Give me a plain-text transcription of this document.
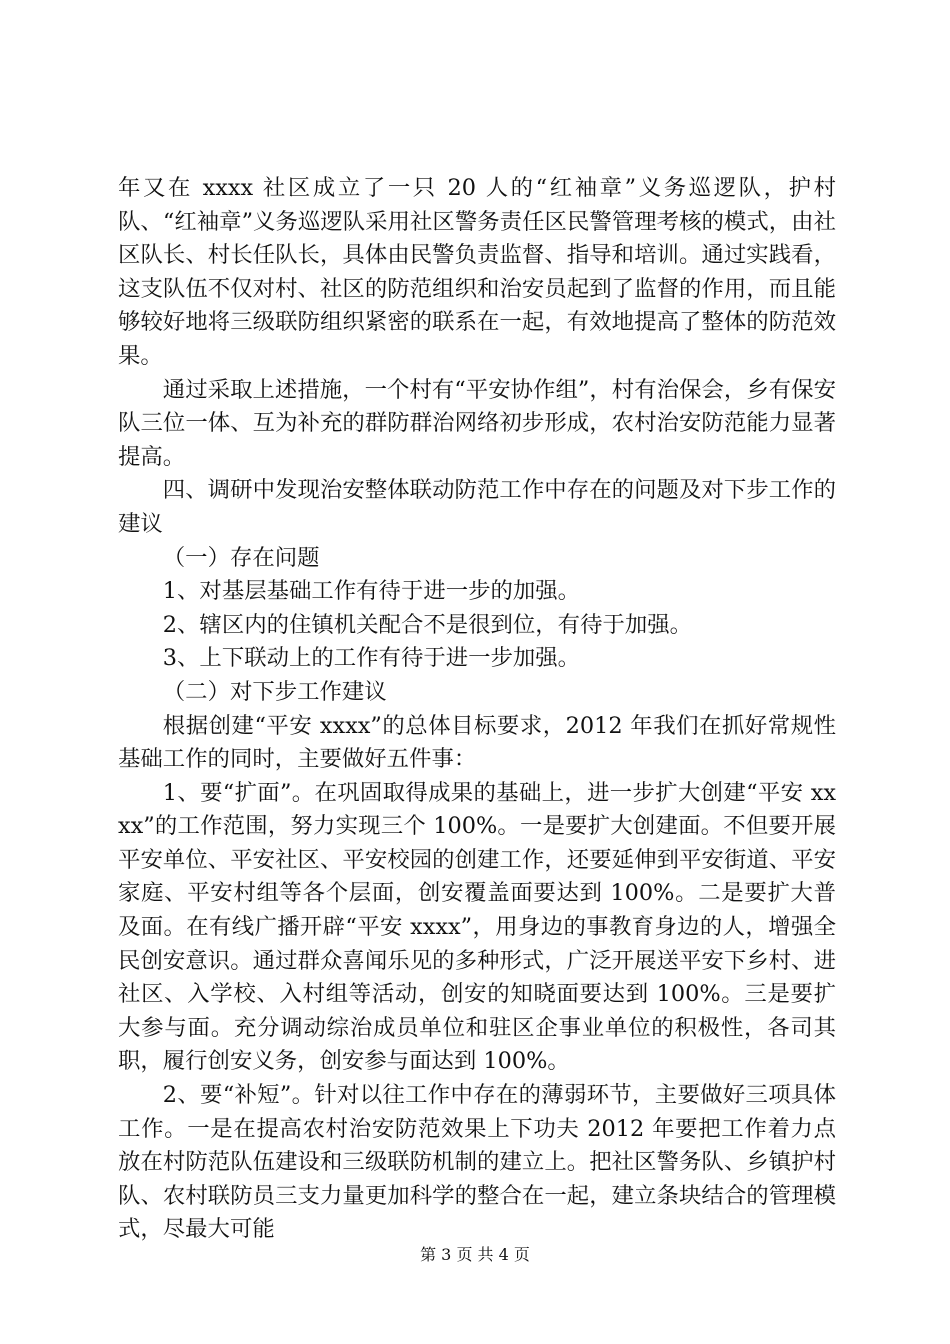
年又在 xxxx 社区成立了一只 20 人的“红袖章”义务巡逻队，护村队、“红袖章”义务巡逻队采用社区警务责任区民警管理考核的模式，由社区队长、村长任队长，具体由民警负责监督、指导和培训。通过实践看，这支队伍不仅对村、社区的防范组织和治安员起到了监督的作用，而且能够较好地将三级联防组织紧密的联系在一起，有效地提高了整体的防范效果。

通过采取上述措施，一个村有“平安协作组”，村有治保会，乡有保安队三位一体、互为补充的群防群治网络初步形成，农村治安防范能力显著提高。

四、调研中发现治安整体联动防范工作中存在的问题及对下步工作的建议

（一）存在问题

1、对基层基础工作有待于进一步的加强。

2、辖区内的住镇机关配合不是很到位，有待于加强。

3、上下联动上的工作有待于进一步加强。

（二）对下步工作建议

根据创建“平安 xxxx”的总体目标要求，2012 年我们在抓好常规性基础工作的同时，主要做好五件事：

1、要“扩面”。在巩固取得成果的基础上，进一步扩大创建“平安 xxxx”的工作范围，努力实现三个 100%。一是要扩大创建面。不但要开展平安单位、平安社区、平安校园的创建工作，还要延伸到平安街道、平安家庭、平安村组等各个层面，创安覆盖面要达到 100%。二是要扩大普及面。在有线广播开辟“平安 xxxx”，用身边的事教育身边的人，增强全民创安意识。通过群众喜闻乐见的多种形式，广泛开展送平安下乡村、进社区、入学校、入村组等活动，创安的知晓面要达到 100%。三是要扩大参与面。充分调动综治成员单位和驻区企事业单位的积极性，各司其职，履行创安义务，创安参与面达到 100%。

2、要“补短”。针对以往工作中存在的薄弱环节，主要做好三项具体工作。一是在提高农村治安防范效果上下功夫 2012 年要把工作着力点放在村防范队伍建设和三级联防机制的建立上。把社区警务队、乡镇护村队、农村联防员三支力量更加科学的整合在一起，建立条块结合的管理模式，尽最大可能

第 3 页 共 4 页
